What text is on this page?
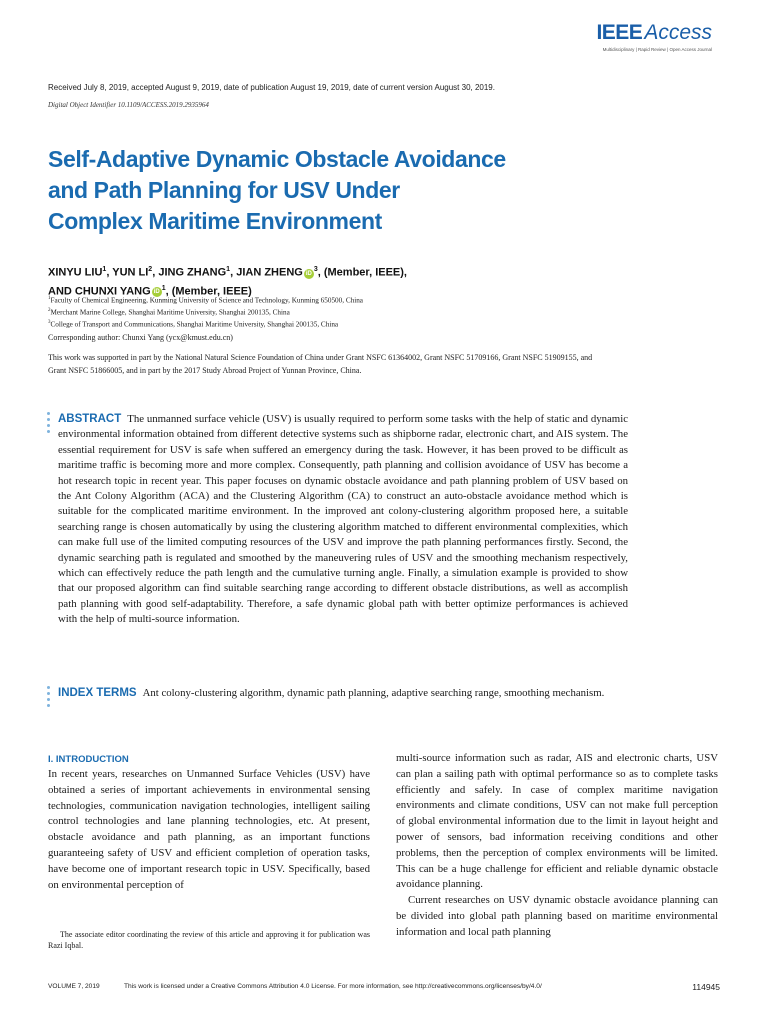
IEEEAccess
Multidisciplinary | Rapid Review | Open Access Journal
Received July 8, 2019, accepted August 9, 2019, date of publication August 19, 2019, date of current version August 30, 2019.
Digital Object Identifier 10.1109/ACCESS.2019.2935964
Self-Adaptive Dynamic Obstacle Avoidance
and Path Planning for USV Under
Complex Maritime Environment
XINYU LIU$^1$, YUN $LI^2$, JING ZHANG$^1$, JIAN ZHENG $iD^3$, (Member, IEEE),
AND CHUNXI YANG $iD^1$, (Member, IEEE)
$^1$Faculty of Chemical Engineering, Kunming University of Science and Technology, Kunming 650500, China
$^2$Merchant Marine College, Shanghai Maritime University, Shanghai 200135, China
$^3$College of Transport and Communications, Shanghai Maritime University, Shanghai 200135, China
Corresponding author: Chunxi Yang (ycx@kmust.edu.cn)
This work was supported in part by the National Natural Science Foundation of China under Grant NSFC 61364002, Grant NSFC 51709166, Grant NSFC 51909155, and Grant NSFC 51866005, and in part by the 2017 Study Abroad Project of Yunnan Province, China.
ABSTRACT The unmanned surface vehicle (USV) is usually required to perform some tasks with the help of static and dynamic environmental information obtained from different detective systems such as shipborne radar, electronic chart, and AIS system. The essential requirement for USV is safe when suffered an emergency during the task. However, it has been proved to be difficult as maritime traffic is becoming more and more complex. Consequently, path planning and collision avoidance of USV has become a hot research topic in recent year. This paper focuses on dynamic obstacle avoidance and path planning problem of USV based on the Ant Colony Algorithm (ACA) and the Clustering Algorithm (CA) to construct an auto-obstacle avoidance method which is suitable for the complicated maritime environment. In the improved ant colony-clustering algorithm proposed here, a suitable searching range is chosen automatically by using the clustering algorithm matched to different environmental complexities, which can make full use of the limited computing resources of the USV and improve the path planning performances firstly. Second, the dynamic searching path is regulated and smoothed by the maneuvering rules of USV and the smoothing mechanism respectively, which can effectively reduce the path length and the cumulative turning angle. Finally, a simulation example is provided to show that our proposed algorithm can find suitable searching range according to different obstacle distributions, as well as accomplish path planning with good self-adaptability. Therefore, a safe dynamic global path with better optimize performances is achieved with the help of multi-source information.
INDEX TERMS Ant colony-clustering algorithm, dynamic path planning, adaptive searching range, smoothing mechanism.
I. INTRODUCTION

In recent years, researches on Unmanned Surface Vehicles (USV) have obtained a series of important achievements in environmental sensing technologies, communication navigation technologies, intelligent sailing control technologies and lane planning technologies, etc. At present, obstacle avoidance and path planning, as an important functions guaranteeing safety of USV and efficient completion of operation tasks, have become one of important research topic in USV. Specifically, based on environmental perception of

multi-source information such as radar, AIS and electronic charts, USV can plan a sailing path with optimal performance so as to complete tasks efficiently and safely. In case of complex maritime navigation environments and climate conditions, USV can not make full perception of global environmental information due to the limit in layout height and power of sensors, bad information receiving conditions and other problems, then the perception of complex environments will be limited. This can be a huge challenge for efficient and reliable dynamic obstacle avoidance planning.

Current researches on USV dynamic obstacle avoidance planning can be divided into global path planning based on maritime environmental information and local path planning

The associate editor coordinating the review of this article and approving it for publication was Razi Iqbal.
VOLUME 7, 2019	This work is licensed under a Creative Commons Attribution 4.0 License. For more information, see http://creativecommons.org/licenses/by/4.0/	114945
